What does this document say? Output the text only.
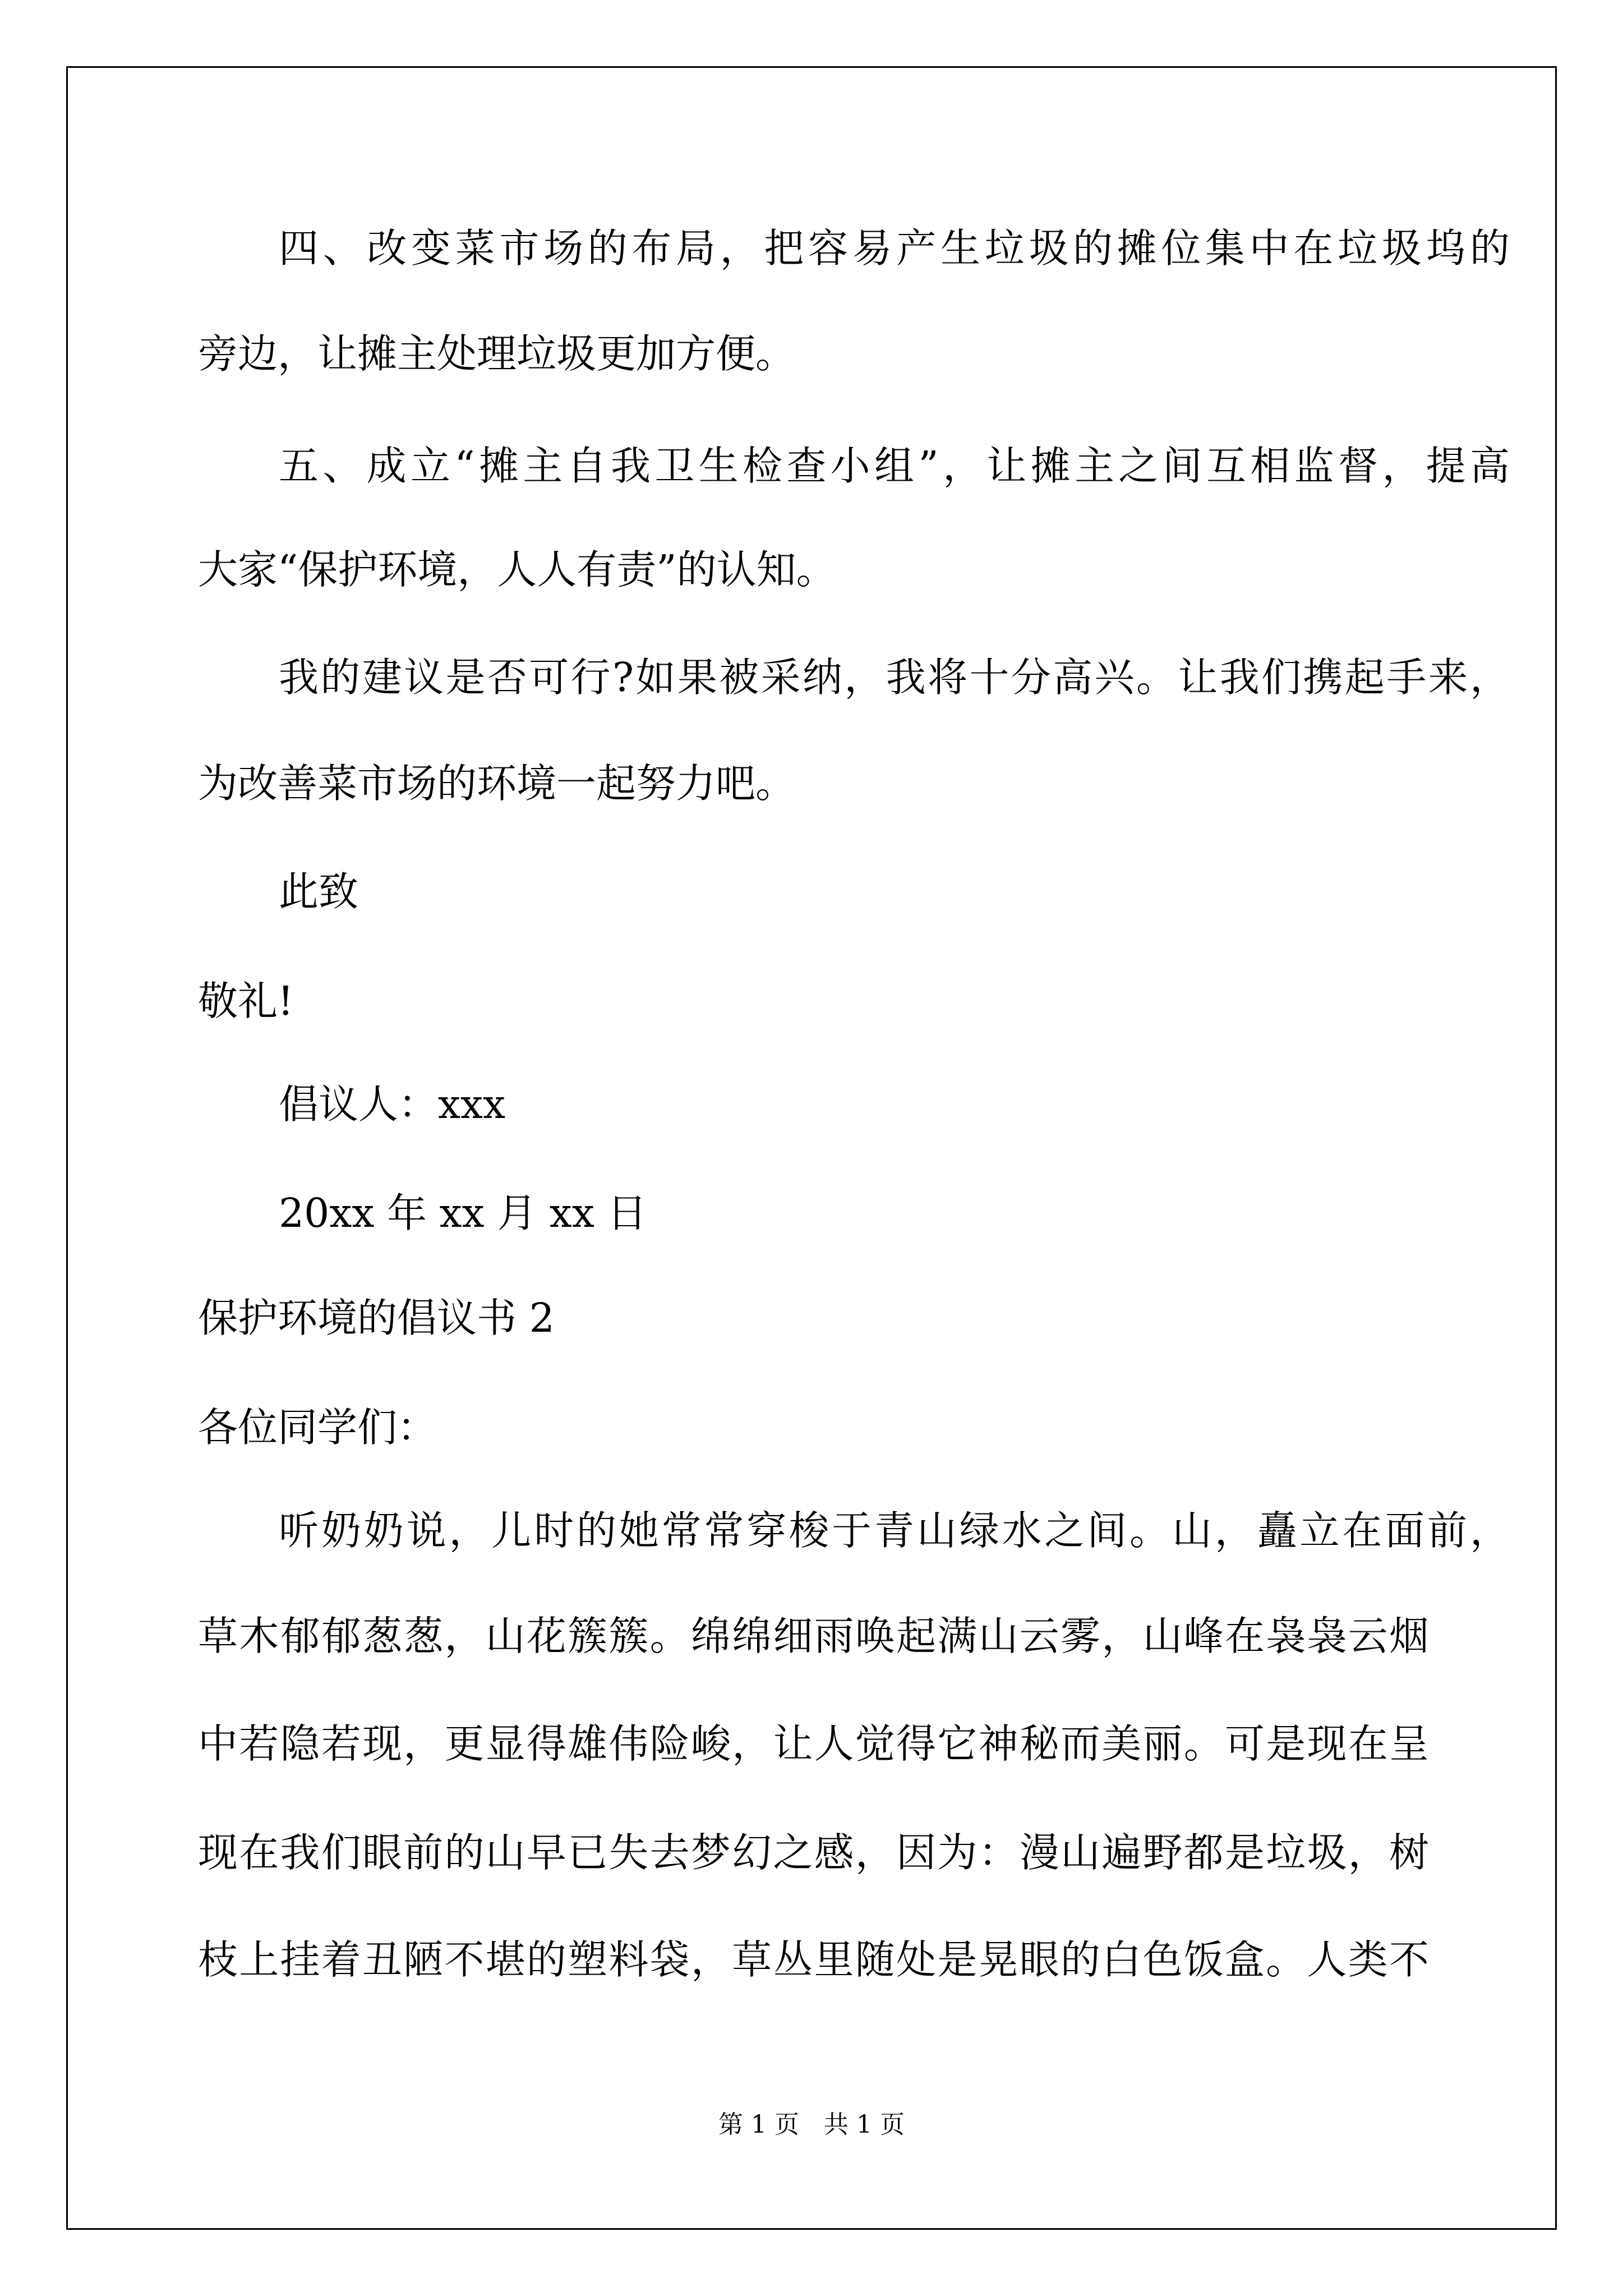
四、改变菜市场的布局，把容易产生垃圾的摊位集中在垃圾坞的

旁边，让摊主处理垃圾更加方便。

五、成立“摊主自我卫生检查小组”，让摊主之间互相监督，提高

大家“保护环境，人人有责”的认知。

我的建议是否可行?如果被采纳，我将十分高兴。让我们携起手来，

为改善菜市场的环境一起努力吧。

此致

敬礼!

倡议人：xxx

20xx 年 xx 月 xx 日

保护环境的倡议书 2

各位同学们：

听奶奶说，儿时的她常常穿梭于青山绿水之间。山，矗立在面前，

草木郁郁葱葱，山花簇簇。绵绵细雨唤起满山云雾，山峰在袅袅云烟

中若隐若现，更显得雄伟险峻，让人觉得它神秘而美丽。可是现在呈

现在我们眼前的山早已失去梦幻之感，因为：漫山遍野都是垃圾，树

枝上挂着丑陋不堪的塑料袋，草丛里随处是晃眼的白色饭盒。人类不

第 1 页　共 1 页
